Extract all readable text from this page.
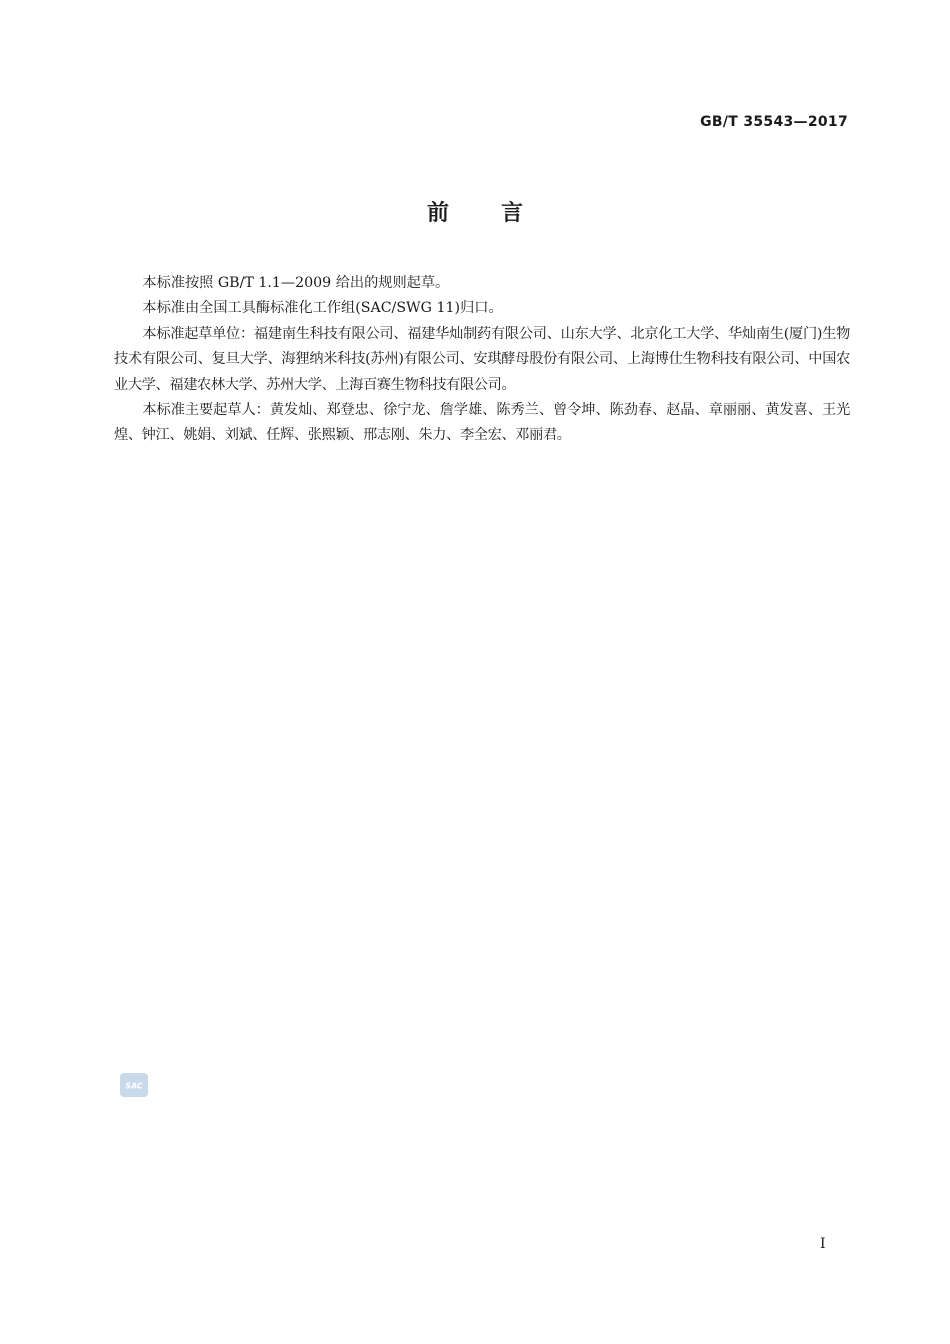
GB/T 35543—2017
前言

本标准按照 GB/T 1.1—2009 给出的规则起草。

本标准由全国工具酶标准化工作组(SAC/SWG 11)归口。

本标准起草单位：福建南生科技有限公司、福建华灿制药有限公司、山东大学、北京化工大学、华灿南生(厦门)生物技术有限公司、复旦大学、海狸纳米科技(苏州)有限公司、安琪酵母股份有限公司、上海博仕生物科技有限公司、中国农业大学、福建农林大学、苏州大学、上海百赛生物科技有限公司。

本标准主要起草人：黄发灿、郑登忠、徐宁龙、詹学雄、陈秀兰、曾令坤、陈劲春、赵晶、章丽丽、黄发喜、王光煌、钟江、姚娟、刘斌、任辉、张熙颖、邢志刚、朱力、李全宏、邓丽君。

SAC
I
